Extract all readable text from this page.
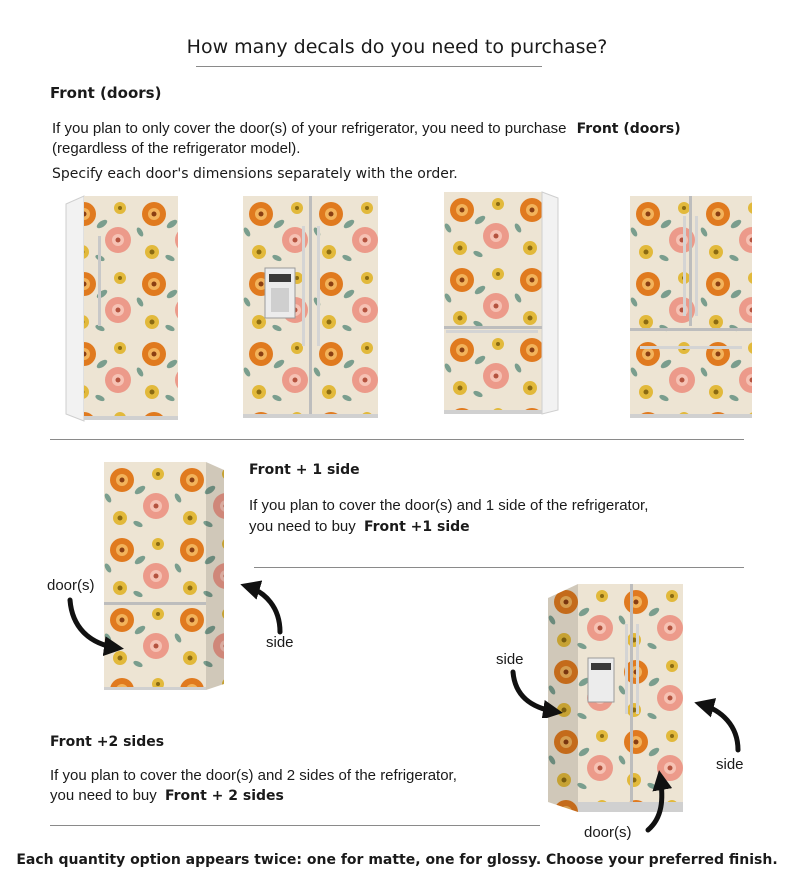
How many decals do you need to purchase?
Front (doors)
If you plan to only cover the door(s) of your refrigerator, you need to purchase Front (doors)
(regardless of the refrigerator model).
Specify each door's dimensions separately with the order.
Front + 1 side
If you plan to cover the door(s) and 1 side of the refrigerator,
you need to buy Front +1 side
door(s)
side
side
side
door(s)
Front +2 sides
If you plan to cover the door(s) and 2 sides of the refrigerator,
you need to buy Front + 2 sides
Each quantity option appears twice: one for matte, one for glossy. Choose your preferred finish.
